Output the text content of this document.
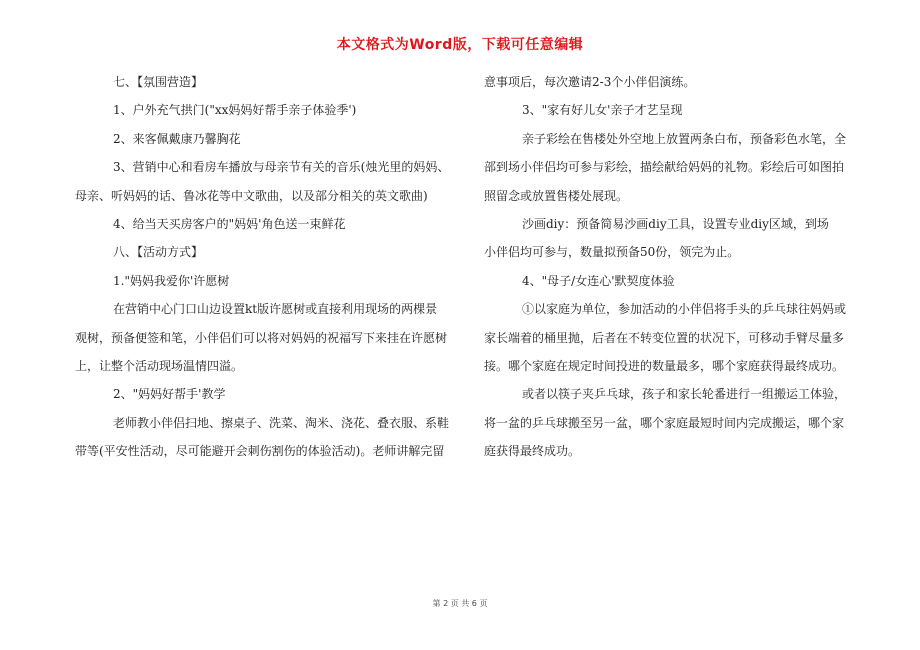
本文格式为Word版，下载可任意编辑
七、【氛围营造】
1、户外充气拱门("xx妈妈好帮手亲子体验季')
2、来客佩戴康乃馨胸花
3、营销中心和看房车播放与母亲节有关的音乐(烛光里的妈妈、
母亲、听妈妈的话、鲁冰花等中文歌曲，以及部分相关的英文歌曲)
4、给当天买房客户的"妈妈'角色送一束鲜花
八、【活动方式】
1."妈妈我爱你'许愿树
在营销中心门口山边设置kt版许愿树或直接利用现场的两棵景
观树，预备便签和笔，小伴侣们可以将对妈妈的祝福写下来挂在许愿树
上，让整个活动现场温情四溢。
2、"妈妈好帮手'教学
老师教小伴侣扫地、擦桌子、洗菜、淘米、浇花、叠衣服、系鞋
带等(平安性活动，尽可能避开会刺伤割伤的体验活动)。老师讲解完留
意事项后，每次邀请2-3个小伴侣演练。
3、"家有好儿女'亲子才艺呈现
亲子彩绘在售楼处外空地上放置两条白布，预备彩色水笔，全
部到场小伴侣均可参与彩绘，描绘献给妈妈的礼物。彩绘后可如图拍
照留念或放置售楼处展现。
沙画diy：预备简易沙画diy工具，设置专业diy区域，到场
小伴侣均可参与，数量拟预备50份，领完为止。
4、"母子/女连心'默契度体验
①以家庭为单位，参加活动的小伴侣将手头的乒乓球往妈妈或
家长端着的桶里抛，后者在不转变位置的状况下，可移动手臂尽量多
接。哪个家庭在规定时间投进的数量最多，哪个家庭获得最终成功。
或者以筷子夹乒乓球，孩子和家长轮番进行一组搬运工体验，
将一盆的乒乓球搬至另一盆，哪个家庭最短时间内完成搬运，哪个家
庭获得最终成功。
第 2 页 共 6 页
